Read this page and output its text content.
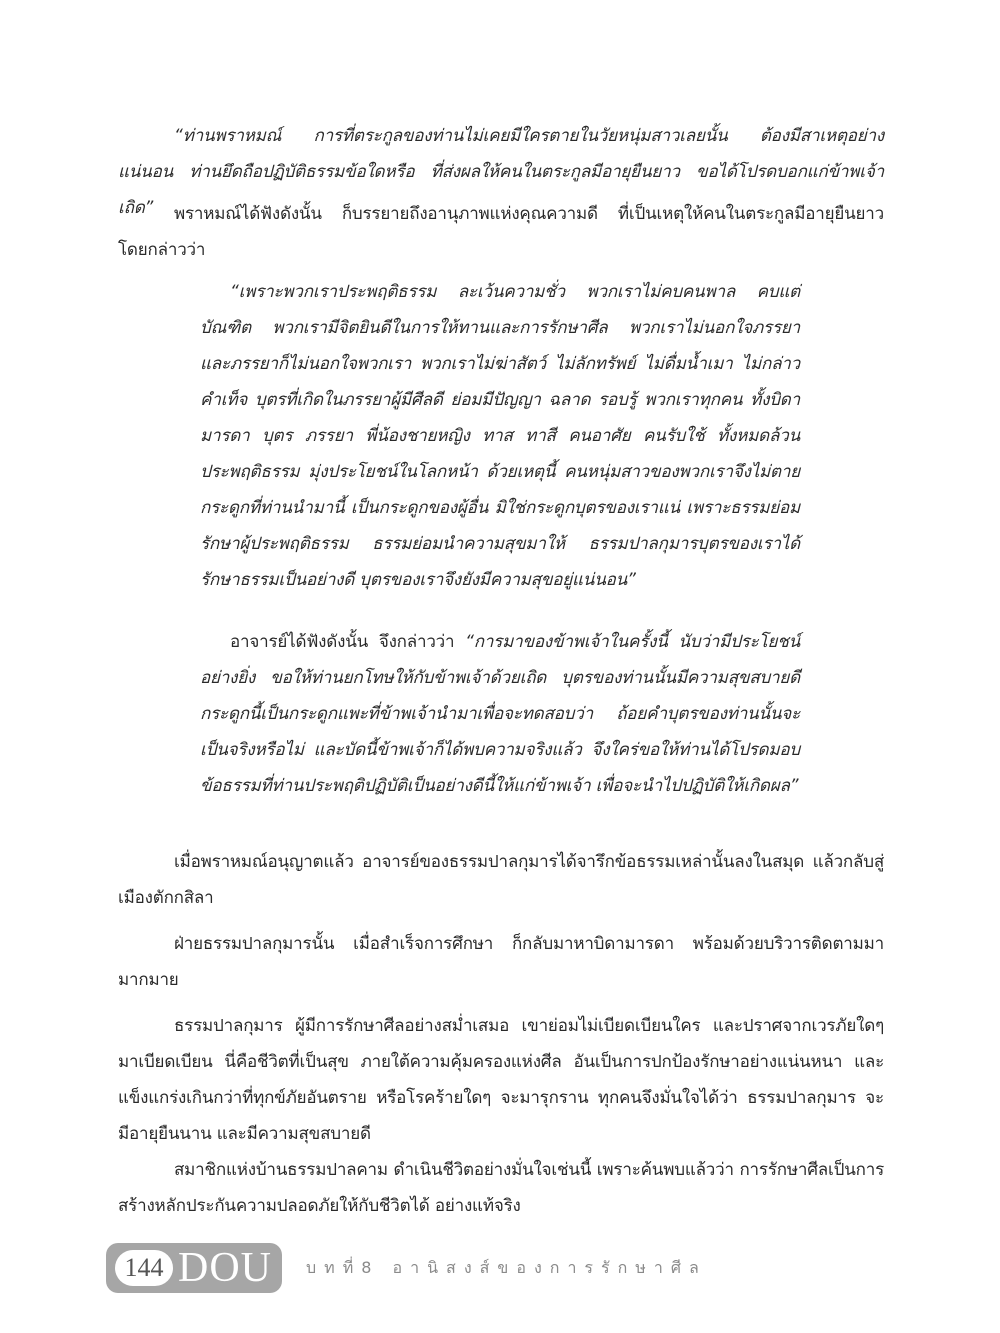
“ท่านพราหมณ์ การที่ตระกูลของท่านไม่เคยมีใครตายในวัยหนุ่มสาวเลยนั้น ต้องมีสาเหตุอย่างแน่นอน ท่านยึดถือปฏิบัติธรรมข้อใดหรือ ที่ส่งผลให้คนในตระกูลมีอายุยืนยาว ขอได้โปรดบอกแก่ข้าพเจ้าเถิด”	พราหมณ์ได้ฟังดังนั้น ก็บรรยายถึงอานุภาพแห่งคุณความดี ที่เป็นเหตุให้คนในตระกูลมีอายุยืนยาว โดยกล่าวว่า

“เพราะพวกเราประพฤติธรรม ละเว้นความชั่ว พวกเราไม่คบคนพาล คบแต่บัณฑิต พวกเรามีจิตยินดีในการให้ทานและการรักษาศีล พวกเราไม่นอกใจภรรยา และภรรยาก็ไม่นอกใจพวกเรา พวกเราไม่ฆ่าสัตว์ ไม่ลักทรัพย์ ไม่ดื่มน้ำเมา ไม่กล่าวคำเท็จ บุตรที่เกิดในภรรยาผู้มีศีลดี ย่อมมีปัญญา ฉลาด รอบรู้ พวกเราทุกคน ทั้งบิดา มารดา บุตร ภรรยา พี่น้องชายหญิง ทาส ทาสี คนอาศัย คนรับใช้ ทั้งหมดล้วนประพฤติธรรม มุ่งประโยชน์ในโลกหน้า ด้วยเหตุนี้ คนหนุ่มสาวของพวกเราจึงไม่ตาย กระดูกที่ท่านนำมานี้ เป็นกระดูกของผู้อื่น มิใช่กระดูกบุตรของเราแน่ เพราะธรรมย่อมรักษาผู้ประพฤติธรรม ธรรมย่อมนำความสุขมาให้ ธรรมปาลกุมารบุตรของเราได้รักษาธรรมเป็นอย่างดี บุตรของเราจึงยังมีความสุขอยู่แน่นอน”

อาจารย์ได้ฟังดังนั้น จึงกล่าวว่า “การมาของข้าพเจ้าในครั้งนี้ นับว่ามีประโยชน์อย่างยิ่ง ขอให้ท่านยกโทษให้กับข้าพเจ้าด้วยเถิด บุตรของท่านนั้นมีความสุขสบายดี กระดูกนี้เป็นกระดูกแพะที่ข้าพเจ้านำมาเพื่อจะทดสอบว่า ถ้อยคำบุตรของท่านนั้นจะเป็นจริงหรือไม่ และบัดนี้ข้าพเจ้าก็ได้พบความจริงแล้ว จึงใคร่ขอให้ท่านได้โปรดมอบข้อธรรมที่ท่านประพฤติปฏิบัติเป็นอย่างดีนี้ให้แก่ข้าพเจ้า เพื่อจะนำไปปฏิบัติให้เกิดผล”

เมื่อพราหมณ์อนุญาตแล้ว อาจารย์ของธรรมปาลกุมารได้จารึกข้อธรรมเหล่านั้นลงในสมุด แล้วกลับสู่เมืองตักกสิลา

ฝ่ายธรรมปาลกุมารนั้น เมื่อสำเร็จการศึกษา ก็กลับมาหาบิดามารดา พร้อมด้วยบริวารติดตามมามากมาย

ธรรมปาลกุมาร ผู้มีการรักษาศีลอย่างสม่ำเสมอ เขาย่อมไม่เบียดเบียนใคร และปราศจากเวรภัยใดๆ มาเบียดเบียน นี่คือชีวิตที่เป็นสุข ภายใต้ความคุ้มครองแห่งศีล อันเป็นการปกป้องรักษาอย่างแน่นหนา และแข็งแกร่งเกินกว่าที่ทุกข์ภัยอันตราย หรือโรคร้ายใดๆ จะมารุกราน ทุกคนจึงมั่นใจได้ว่า ธรรมปาลกุมาร จะมีอายุยืนนาน และมีความสุขสบายดี

สมาชิกแห่งบ้านธรรมปาลคาม ดำเนินชีวิตอย่างมั่นใจเช่นนี้ เพราะค้นพบแล้วว่า การรักษาศีลเป็นการสร้างหลักประกันความปลอดภัยให้กับชีวิตได้ อย่างแท้จริง

144 DOU บทที่8 อานิสงส์ของการรักษาศีล
